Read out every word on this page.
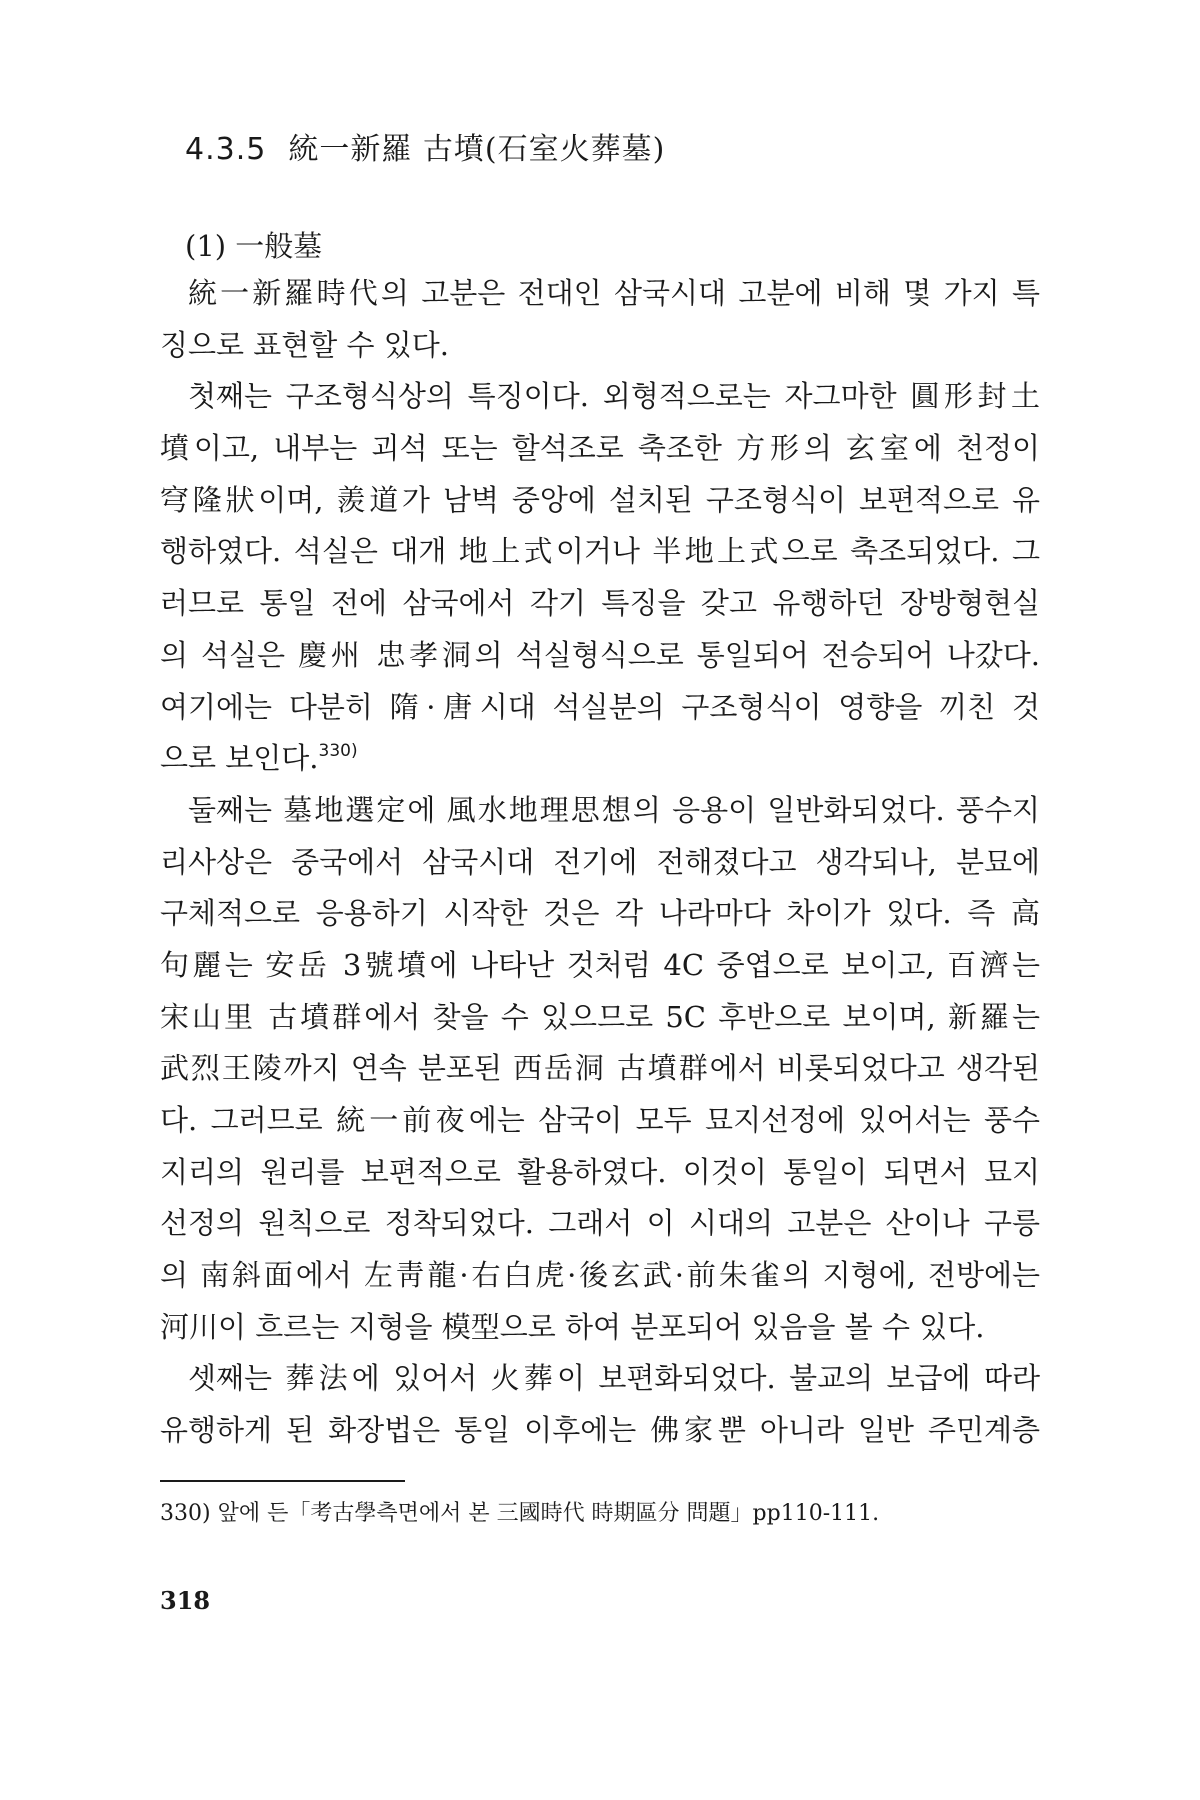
4.3.5 統一新羅 古墳(石室火葬墓)
(1) 一般墓
統一新羅時代의 고분은 전대인 삼국시대 고분에 비해 몇 가지 특
징으로 표현할 수 있다.
첫째는 구조형식상의 특징이다. 외형적으로는 자그마한 圓形封土
墳이고, 내부는 괴석 또는 할석조로 축조한 方形의 玄室에 천정이
穹隆狀이며, 羨道가 남벽 중앙에 설치된 구조형식이 보편적으로 유
행하였다. 석실은 대개 地上式이거나 半地上式으로 축조되었다. 그
러므로 통일 전에 삼국에서 각기 특징을 갖고 유행하던 장방형현실
의 석실은 慶州 忠孝洞의 석실형식으로 통일되어 전승되어 나갔다.
여기에는 다분히 隋·唐시대 석실분의 구조형식이 영향을 끼친 것
으로 보인다.$^{330)}$
둘째는 墓地選定에 風水地理思想의 응용이 일반화되었다. 풍수지
리사상은 중국에서 삼국시대 전기에 전해졌다고 생각되나, 분묘에
구체적으로 응용하기 시작한 것은 각 나라마다 차이가 있다. 즉 高
句麗는 安岳 3號墳에 나타난 것처럼 4C 중엽으로 보이고, 百濟는
宋山里 古墳群에서 찾을 수 있으므로 5C 후반으로 보이며, 新羅는
武烈王陵까지 연속 분포된 西岳洞 古墳群에서 비롯되었다고 생각된
다. 그러므로 統一前夜에는 삼국이 모두 묘지선정에 있어서는 풍수
지리의 원리를 보편적으로 활용하였다. 이것이 통일이 되면서 묘지
선정의 원칙으로 정착되었다. 그래서 이 시대의 고분은 산이나 구릉
의 南斜面에서 左靑龍·右白虎·後玄武·前朱雀의 지형에, 전방에는
河川이 흐르는 지형을 模型으로 하여 분포되어 있음을 볼 수 있다.
셋째는 葬法에 있어서 火葬이 보편화되었다. 불교의 보급에 따라
유행하게 된 화장법은 통일 이후에는 佛家뿐 아니라 일반 주민계층
330) 앞에 든「考古學측면에서 본 三國時代 時期區分 問題」pp110-111.
318
